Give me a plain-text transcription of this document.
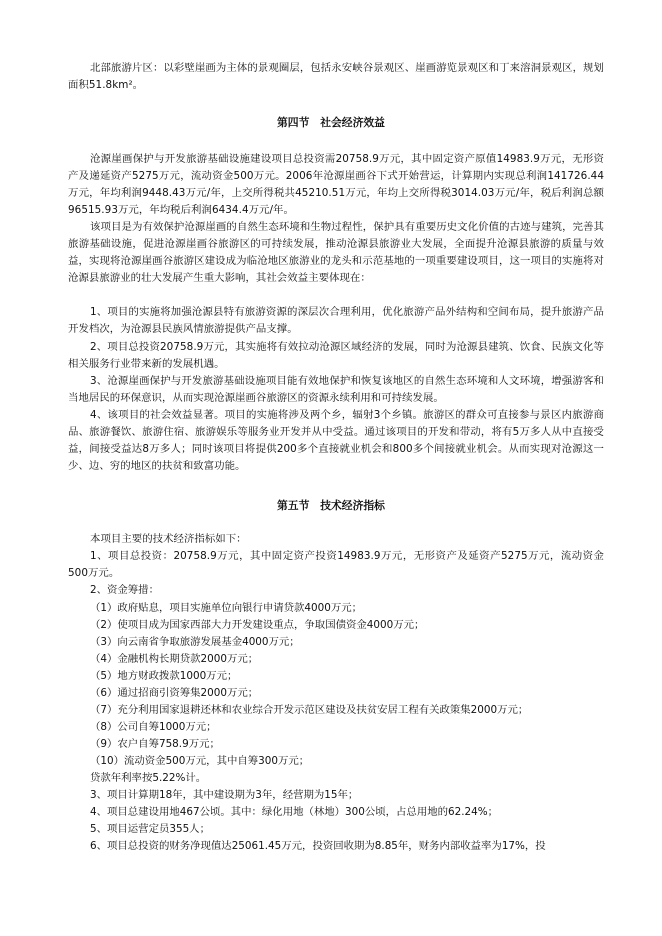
北部旅游片区：以彩壁崖画为主体的景观圈层，包括永安峡谷景观区、崖画游览景观区和丁来溶洞景观区，规划面积51.8km²。
第四节　社会经济效益
沧源崖画保护与开发旅游基础设施建设项目总投资需20758.9万元，其中固定资产原值14983.9万元，无形资产及递延资产5275万元，流动资金500万元。2006年沧源崖画谷下式开始营运，计算期内实现总利润141726.44万元，年均利润9448.43万元/年，上交所得税共45210.51万元，年均上交所得税3014.03万元/年，税后利润总额96515.93万元，年均税后利润6434.4万元/年。
该项目是为有效保护沧源崖画的自然生态环境和生物过程性，保护具有重要历史文化价值的古迹与建筑，完善其旅游基础设施，促进沧源崖画谷旅游区的可持续发展，推动沧源县旅游业大发展，全面提升沧源县旅游的质量与效益，实现将沧源崖画谷旅游区建设成为临沧地区旅游业的龙头和示范基地的一项重要建设项目，这一项目的实施将对沧源县旅游业的壮大发展产生重大影响，其社会效益主要体现在：
1、项目的实施将加强沧源县特有旅游资源的深层次合理利用，优化旅游产品外结构和空间布局，提升旅游产品开发档次，为沧源县民族风情旅游提供产品支撑。
2、项目总投资20758.9万元，其实施将有效拉动沧源区域经济的发展，同时为沧源县建筑、饮食、民族文化等相关服务行业带来新的发展机遇。
3、沧源崖画保护与开发旅游基础设施项目能有效地保护和恢复该地区的自然生态环境和人文环境，增强游客和当地居民的环保意识，从而实现沧源崖画谷旅游区的资源永续利用和可持续发展。
4、该项目的社会效益显著。项目的实施将涉及两个乡，辐射3个乡镇。旅游区的群众可直接参与景区内旅游商品、旅游餐饮、旅游住宿、旅游娱乐等服务业开发并从中受益。通过该项目的开发和带动，将有5万多人从中直接受益，间接受益达8万多人；同时该项目将提供200多个直接就业机会和800多个间接就业机会。从而实现对沧源这一少、边、穷的地区的扶贫和致富功能。
第五节　技术经济指标
本项目主要的技术经济指标如下：
1、项目总投资：20758.9万元，其中固定资产投资14983.9万元，无形资产及延资产5275万元，流动资金500万元。
2、资金筹措：
（1）政府贴息，项目实施单位向银行申请贷款4000万元；
（2）使项目成为国家西部大力开发建设重点，争取国债资金4000万元；
（3）向云南省争取旅游发展基金4000万元；
（4）金融机构长期贷款2000万元；
（5）地方财政拨款1000万元；
（6）通过招商引资筹集2000万元；
（7）充分利用国家退耕还林和农业综合开发示范区建设及扶贫安居工程有关政策集2000万元；
（8）公司自筹1000万元；
（9）农户自筹758.9万元；
（10）流动资金500万元，其中自筹300万元；
贷款年利率按5.22%计。
3、项目计算期18年，其中建设期为3年，经营期为15年；
4、项目总建设用地467公顷。其中：绿化用地（林地）300公顷，占总用地的62.24%；
5、项目运营定员355人；
6、项目总投资的财务净现值达25061.45万元，投资回收期为8.85年，财务内部收益率为17%，投
